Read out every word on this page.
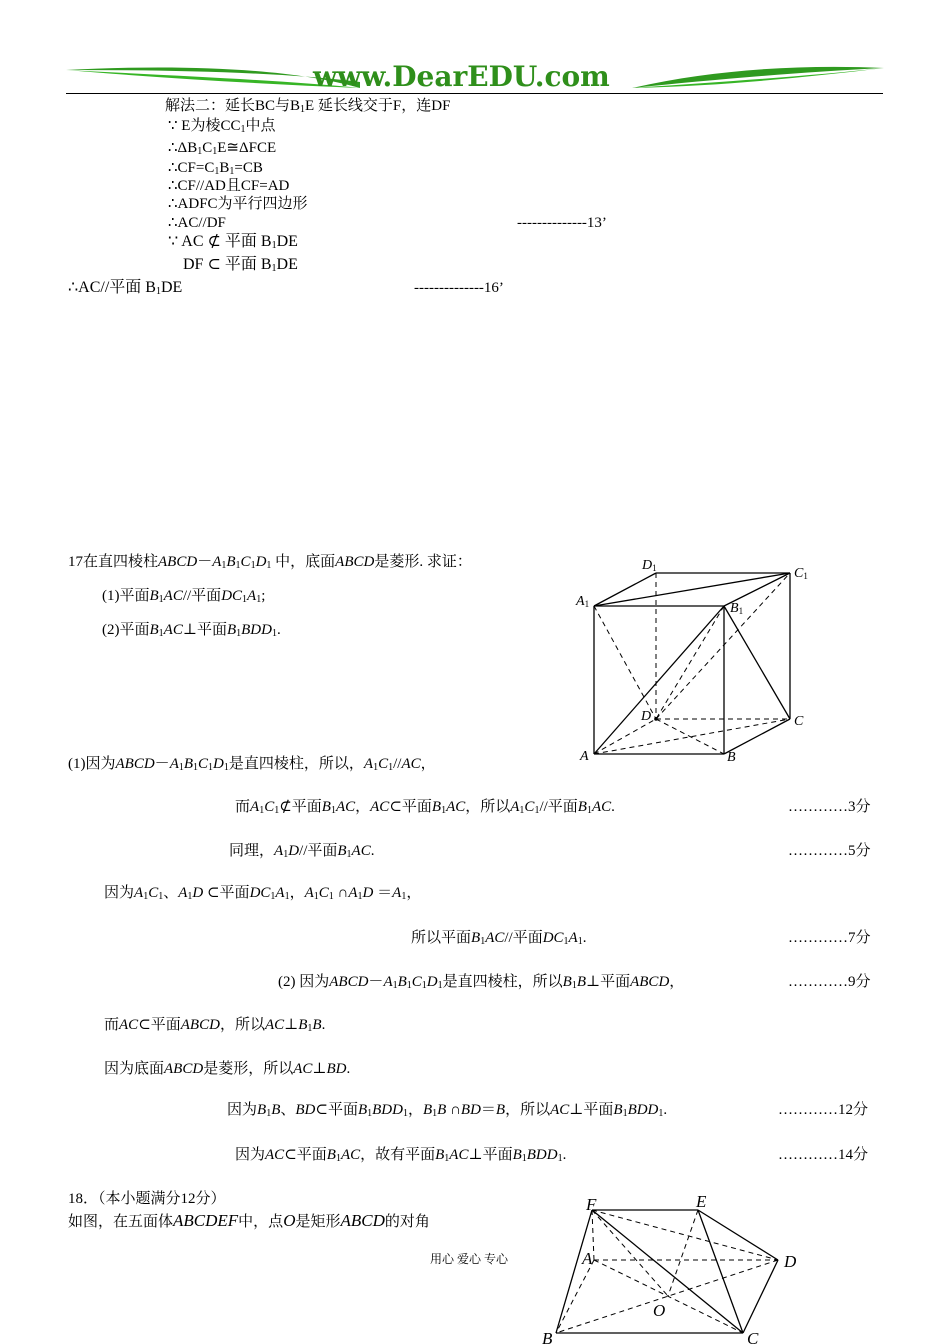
www.DearEDU.com
解法二：延长BC与$B_1E$ 延长线交于F，连DF
∵ E为棱$CC_1$中点
$\therefore\Delta B_1C_1E≅\Delta FCE$
$\therefore CF=C_1B_1=CB$
∴CF//AD且CF=AD
∴ADFC为平行四边形
∴AC//DF	--------------13’
∵ AC ⊄ 平面 $B_1DE$
DF ⊂ 平面 $B_1DE$
∴AC//平面 $B_1DE$	--------------16’
17在直四棱柱$ABCD-A_1B_1C_1D_1$ 中，底面ABCD是菱形. 求证：
(1)平面$B_1AC//$平面$DC_1A_1$;
(2)平面$B_1AC\perp$平面$B_1BDD_1$.
D1	C1
A1	B1
D	C
A	B
(1)因为$ABCD-A_1B_1C_1D_1$是直四棱柱，所以，$A_1C_1//AC$，
而$A_1C_1⊄$平面$B_1AC$，AC⊂平面$B_1AC$，所以$A_1C_1//$平面$B_1AC$.	…………3分
同理，$A_1D//$平面$B_1AC$.	…………5分
因为$A_1C_1$、$A_1D$ ⊂平面$DC_1A_1$，$A_1C_1$ $\cap A_1D =A_1$，
所以平面$B_1AC//$平面$DC_1A_1$.	…………7分
(2) 因为$ABCD-A_1B_1C_1D_1$是直四棱柱，所以$B_1B\perp$平面ABCD，	…………9分
而AC⊂平面ABCD，所以$AC\perp B_1B$.
因为底面ABCD是菱形，所以AC⊥BD.
因为$B_1B$、BD⊂平面$B_1BDD_1$，$B_1B$ ∩BD＝B，所以AC⊥平面$B_1BDD_1$.	…………12分
因为AC⊂平面$B_1AC$，故有平面$B_1AC\perp$平面$B_1BDD_1$.	…………14分
18．（本小题满分12分）
如图，在五面体ABCDEF中，点O是矩形ABCD的对角
F	E
A	D
O
B	C
用心 爱心 专心
